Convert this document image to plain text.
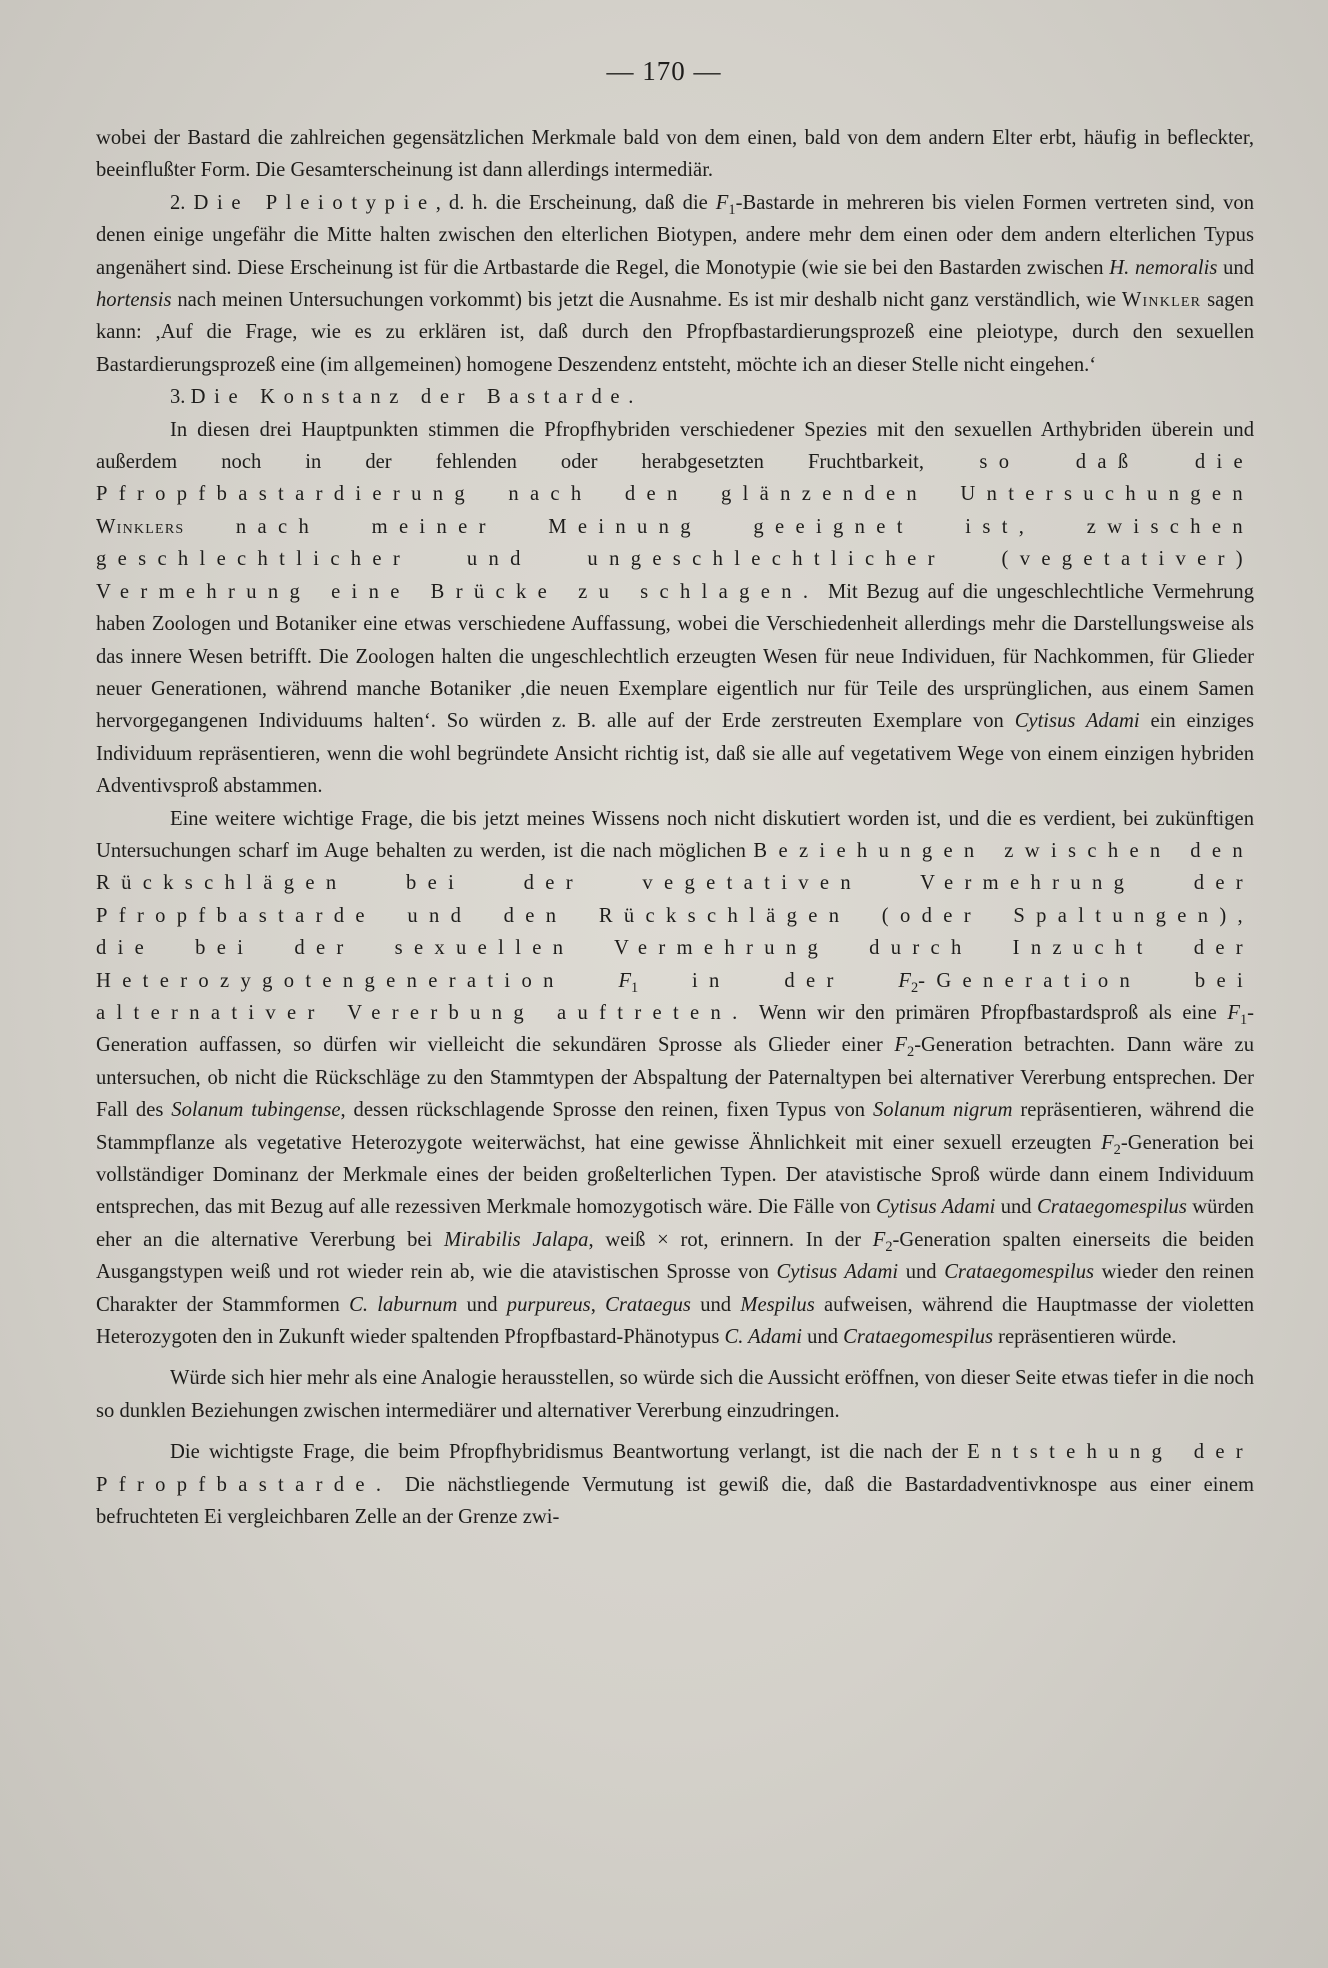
— 170 —

wobei der Bastard die zahlreichen gegensätzlichen Merkmale bald von dem einen, bald von dem andern Elter erbt, häufig in befleckter, beeinflußter Form. Die Gesamterscheinung ist dann allerdings intermediär.

2. Die Pleiotypie, d. h. die Erscheinung, daß die $F_1$-Bastarde in mehreren bis vielen Formen vertreten sind, von denen einige ungefähr die Mitte halten zwischen den elterlichen Biotypen, andere mehr dem einen oder dem andern elterlichen Typus angenähert sind. Diese Erscheinung ist für die Artbastarde die Regel, die Monotypie (wie sie bei den Bastarden zwischen H. nemoralis und hortensis nach meinen Untersuchungen vorkommt) bis jetzt die Ausnahme. Es ist mir deshalb nicht ganz verständlich, wie Winkler sagen kann: ,Auf die Frage, wie es zu erklären ist, daß durch den Pfropfbastardierungsprozeß eine pleiotype, durch den sexuellen Bastardierungsprozeß eine (im allgemeinen) homogene Deszendenz entsteht, möchte ich an dieser Stelle nicht eingehen.‘

3. Die Konstanz der Bastarde.

In diesen drei Hauptpunkten stimmen die Pfropfhybriden verschiedener Spezies mit den sexuellen Arthybriden überein und außerdem noch in der fehlenden oder herabgesetzten Fruchtbarkeit, so daß die Pfropfbastardierung nach den glänzenden Untersuchungen Winklers nach meiner Meinung geeignet ist, zwischen geschlechtlicher und ungeschlechtlicher (vegetativer) Vermehrung eine Brücke zu schlagen. Mit Bezug auf die ungeschlechtliche Vermehrung haben Zoologen und Botaniker eine etwas verschiedene Auffassung, wobei die Verschiedenheit allerdings mehr die Darstellungsweise als das innere Wesen betrifft. Die Zoologen halten die ungeschlechtlich erzeugten Wesen für neue Individuen, für Nachkommen, für Glieder neuer Generationen, während manche Botaniker ,die neuen Exemplare eigentlich nur für Teile des ursprünglichen, aus einem Samen hervorgegangenen Individuums halten‘. So würden z. B. alle auf der Erde zerstreuten Exemplare von Cytisus Adami ein einziges Individuum repräsentieren, wenn die wohl begründete Ansicht richtig ist, daß sie alle auf vegetativem Wege von einem einzigen hybriden Adventivsproß abstammen.

Eine weitere wichtige Frage, die bis jetzt meines Wissens noch nicht diskutiert worden ist, und die es verdient, bei zukünftigen Untersuchungen scharf im Auge behalten zu werden, ist die nach möglichen Beziehungen zwischen den Rückschlägen bei der vegetativen Vermehrung der Pfropfbastarde und den Rückschlägen (oder Spaltungen), die bei der sexuellen Vermehrung durch Inzucht der Heterozygotengeneration $F_1$ in der $F_2$-Generation bei alternativer Vererbung auftreten. Wenn wir den primären Pfropfbastardsproß als eine $F_1$-Generation auffassen, so dürfen wir vielleicht die sekundären Sprosse als Glieder einer $F_2$-Generation betrachten. Dann wäre zu untersuchen, ob nicht die Rückschläge zu den Stammtypen der Abspaltung der Paternaltypen bei alternativer Vererbung entsprechen. Der Fall des Solanum tubingense, dessen rückschlagende Sprosse den reinen, fixen Typus von Solanum nigrum repräsentieren, während die Stammpflanze als vegetative Heterozygote weiterwächst, hat eine gewisse Ähnlichkeit mit einer sexuell erzeugten $F_2$-Generation bei vollständiger Dominanz der Merkmale eines der beiden großelterlichen Typen. Der atavistische Sproß würde dann einem Individuum entsprechen, das mit Bezug auf alle rezessiven Merkmale homozygotisch wäre. Die Fälle von Cytisus Adami und Crataegomespilus würden eher an die alternative Vererbung bei Mirabilis Jalapa, weiß × rot, erinnern. In der $F_2$-Generation spalten einerseits die beiden Ausgangstypen weiß und rot wieder rein ab, wie die atavistischen Sprosse von Cytisus Adami und Crataegomespilus wieder den reinen Charakter der Stammformen C. laburnum und purpureus, Crataegus und Mespilus aufweisen, während die Hauptmasse der violetten Heterozygoten den in Zukunft wieder spaltenden Pfropfbastard-Phänotypus C. Adami und Crataegomespilus repräsentieren würde.

Würde sich hier mehr als eine Analogie herausstellen, so würde sich die Aussicht eröffnen, von dieser Seite etwas tiefer in die noch so dunklen Beziehungen zwischen intermediärer und alternativer Vererbung einzudringen.

Die wichtigste Frage, die beim Pfropfhybridismus Beantwortung verlangt, ist die nach der Entstehung der Pfropfbastarde. Die nächstliegende Vermutung ist gewiß die, daß die Bastardadventivknospe aus einer einem befruchteten Ei vergleichbaren Zelle an der Grenze zwi-
